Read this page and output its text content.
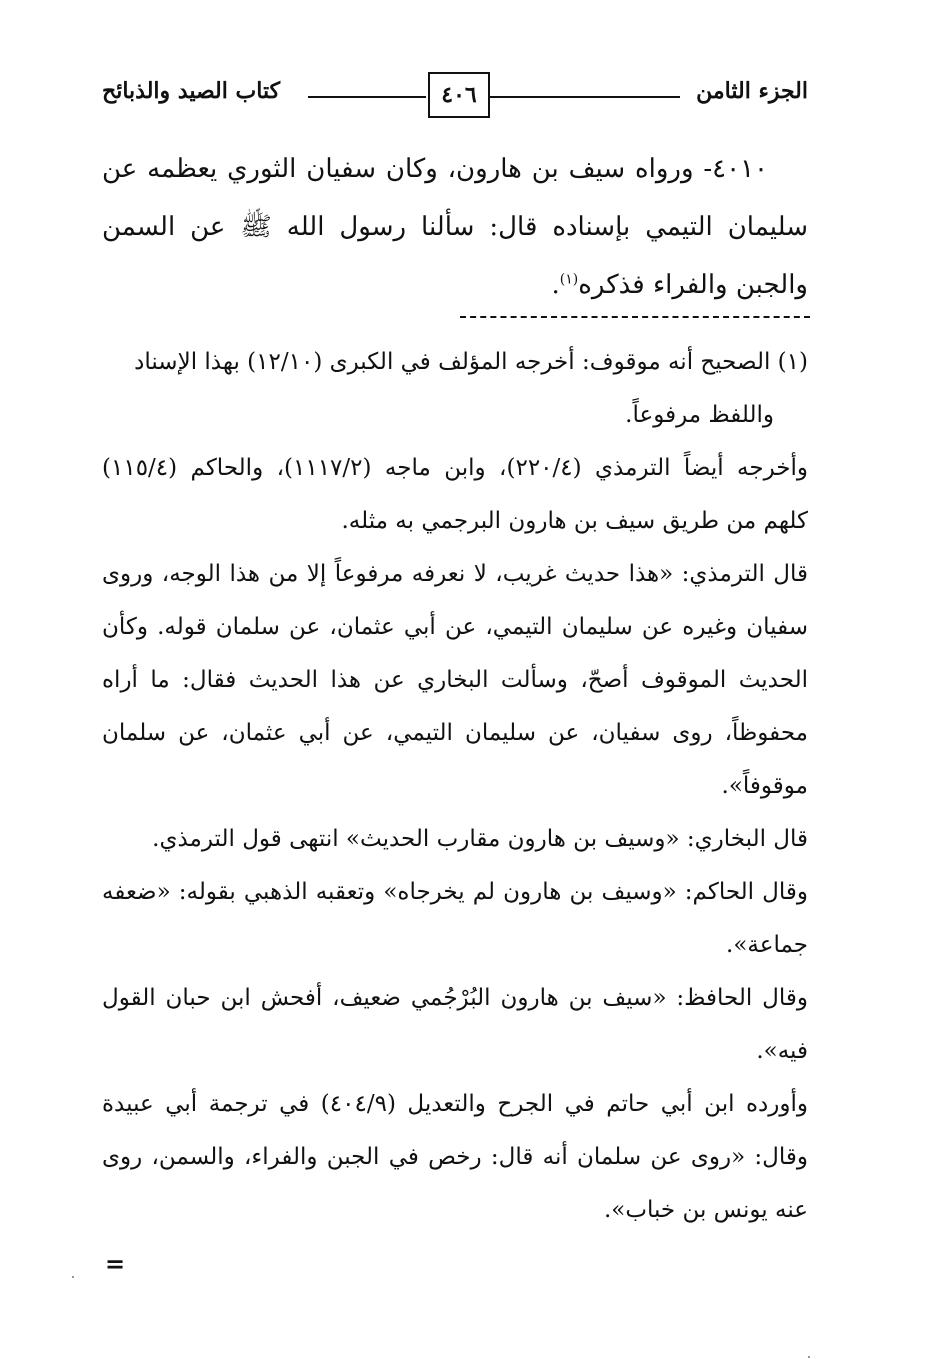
كتاب الصيد والذبائح	٤٠٦	الجزء الثامن
٤٠١٠- ورواه سيف بن هارون، وكان سفيان الثوري يعظمه عن سليمان التيمي بإسناده قال: سألنا رسول الله ﷺ عن السمن والجبن والفراء فذكره$^{(١)}$.

(١) الصحيح أنه موقوف: أخرجه المؤلف في الكبرى (١٢/١٠) بهذا الإسناد

واللفظ مرفوعاً.

وأخرجه أيضاً الترمذي (٢٢٠/٤)، وابن ماجه (١١١٧/٢)، والحاكم (١١٥/٤) كلهم من طريق سيف بن هارون البرجمي به مثله.

قال الترمذي: «هذا حديث غريب، لا نعرفه مرفوعاً إلا من هذا الوجه، وروى سفيان وغيره عن سليمان التيمي، عن أبي عثمان، عن سلمان قوله. وكأن الحديث الموقوف أصحّ، وسألت البخاري عن هذا الحديث فقال: ما أراه محفوظاً، روى سفيان، عن سليمان التيمي، عن أبي عثمان، عن سلمان موقوفاً».

قال البخاري: «وسيف بن هارون مقارب الحديث» انتهى قول الترمذي.

وقال الحاكم: «وسيف بن هارون لم يخرجاه» وتعقبه الذهبي بقوله: «ضعفه جماعة».

وقال الحافظ: «سيف بن هارون البُرْجُمي ضعيف، أفحش ابن حبان القول فيه».

وأورده ابن أبي حاتم في الجرح والتعديل (٤٠٤/٩) في ترجمة أبي عبيدة وقال: «روى عن سلمان أنه قال: رخص في الجبن والفراء، والسمن، روى عنه يونس بن خباب».

=
